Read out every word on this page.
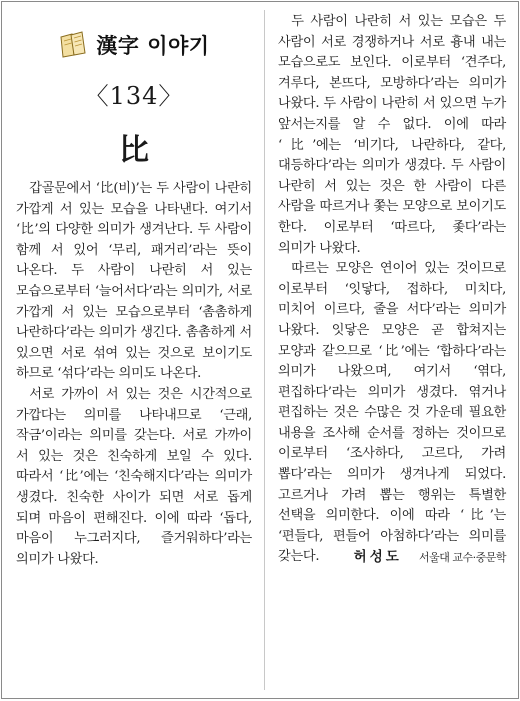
漢字 이야기
〈134〉
比

갑골문에서 ‘比(비)’는 두 사람이 나란히 가깝게 서 있는 모습을 나타낸다. 여기서 ‘比’의 다양한 의미가 생겨난다. 두 사람이 함께 서 있어 ‘무리, 패거리’라는 뜻이 나온다. 두 사람이 나란히 서 있는 모습으로부터 ‘늘어서다’라는 의미가, 서로 가깝게 서 있는 모습으로부터 ‘촘촘하게 나란하다’라는 의미가 생긴다. 촘촘하게 서 있으면 서로 섞여 있는 것으로 보이기도 하므로 ‘섞다’라는 의미도 나온다.

서로 가까이 서 있는 것은 시간적으로 가깝다는 의미를 나타내므로 ‘근래, 작금’이라는 의미를 갖는다. 서로 가까이 서 있는 것은 친숙하게 보일 수 있다. 따라서 ‘比’에는 ‘친숙해지다’라는 의미가 생겼다. 친숙한 사이가 되면 서로 돕게 되며 마음이 편해진다. 이에 따라 ‘돕다, 마음이 누그러지다, 즐거워하다’라는 의미가 나왔다.

두 사람이 나란히 서 있는 모습은 두 사람이 서로 경쟁하거나 서로 흉내 내는 모습으로도 보인다. 이로부터 ‘견주다, 겨루다, 본뜨다, 모방하다’라는 의미가 나왔다. 두 사람이 나란히 서 있으면 누가 앞서는지를 알 수 없다. 이에 따라 ‘比’에는 ‘비기다, 나란하다, 같다, 대등하다’라는 의미가 생겼다. 두 사람이 나란히 서 있는 것은 한 사람이 다른 사람을 따르거나 쫓는 모양으로 보이기도 한다. 이로부터 ‘따르다, 좇다’라는 의미가 나왔다.

따르는 모양은 연이어 있는 것이므로 이로부터 ‘잇닿다, 접하다, 미치다, 미치어 이르다, 줄을 서다’라는 의미가 나왔다. 잇닿은 모양은 곧 합쳐지는 모양과 같으므로 ‘比’에는 ‘합하다’라는 의미가 나왔으며, 여기서 ‘엮다, 편집하다’라는 의미가 생겼다. 엮거나 편집하는 것은 수많은 것 가운데 필요한 내용을 조사해 순서를 정하는 것이므로 이로부터 ‘조사하다, 고르다, 가려 뽑다’라는 의미가 생겨나게 되었다. 고르거나 가려 뽑는 행위는 특별한 선택을 의미한다. 이에 따라 ‘比’는 ‘편들다, 편들어 아첨하다’라는 의미를 갖는다.	허성도	서울대 교수·중문학
